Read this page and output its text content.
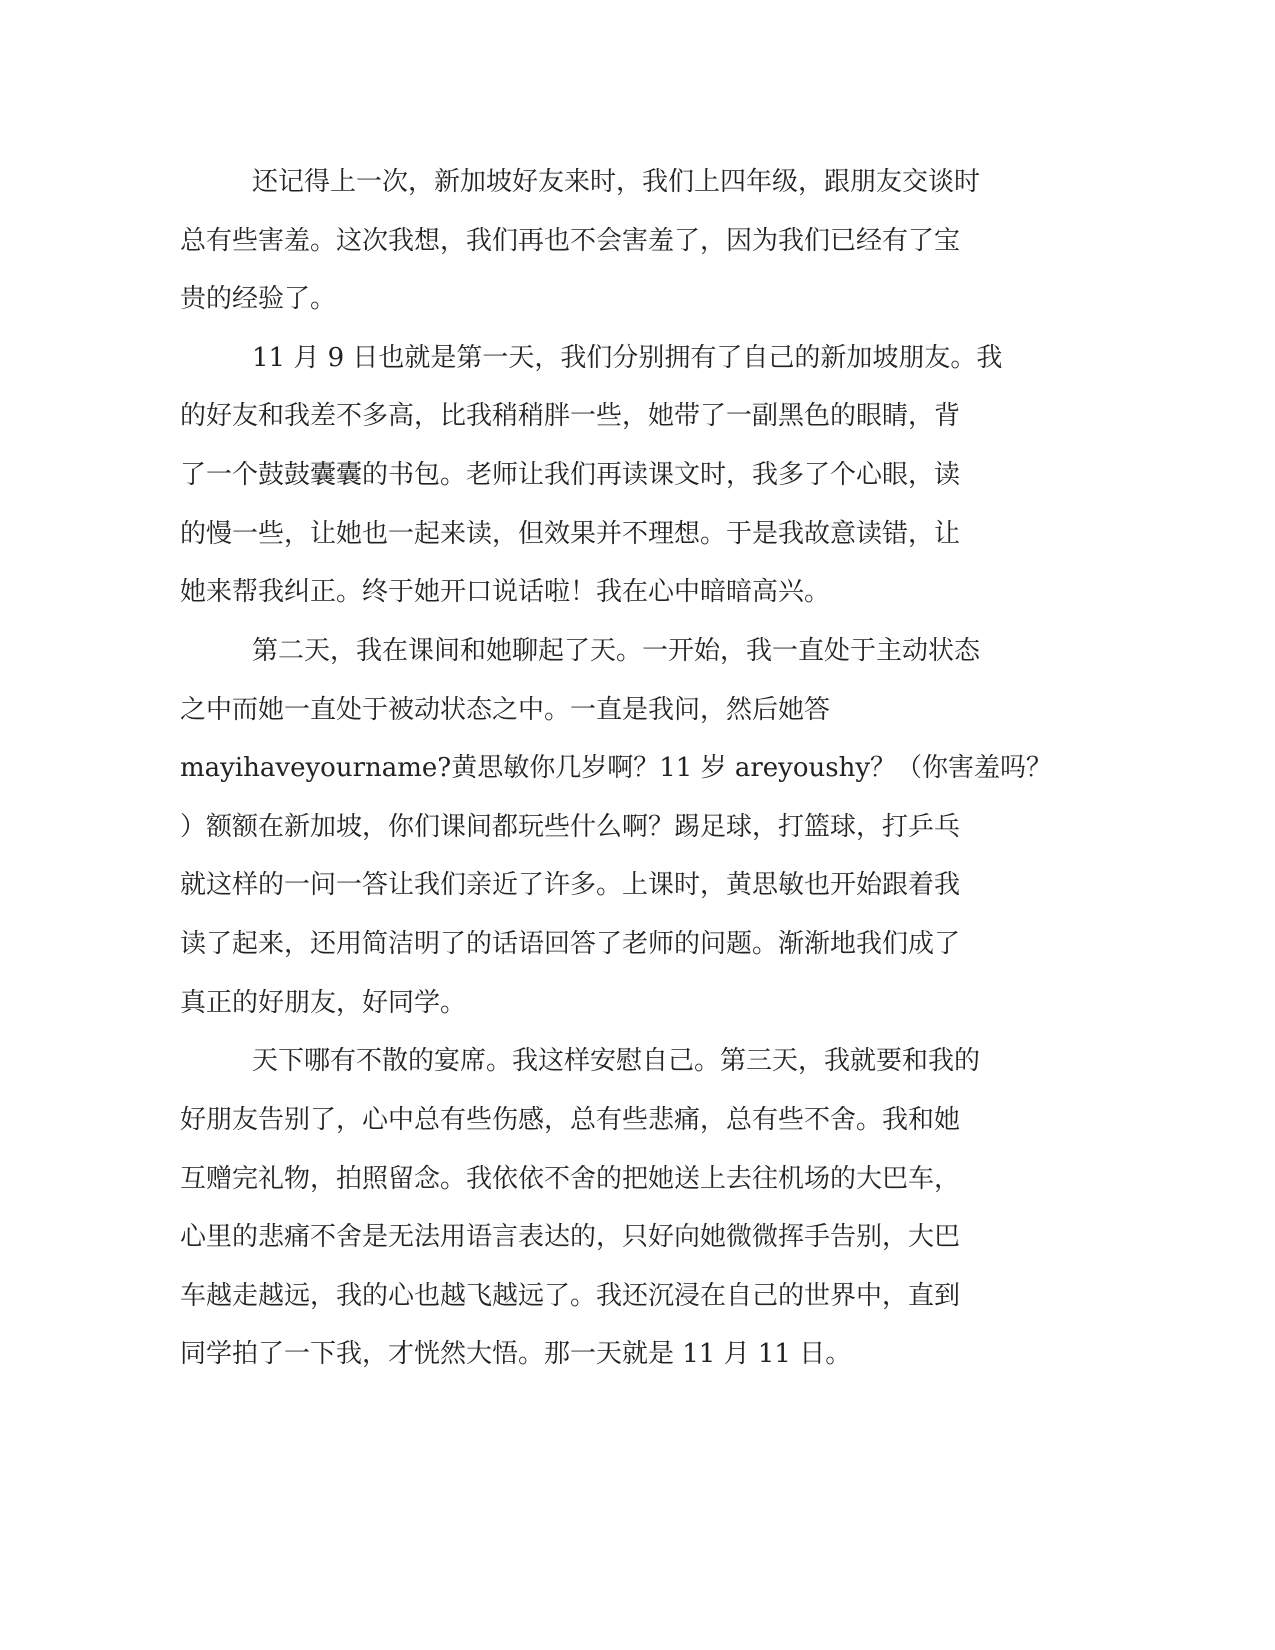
还记得上一次，新加坡好友来时，我们上四年级，跟朋友交谈时
总有些害羞。这次我想，我们再也不会害羞了，因为我们已经有了宝
贵的经验了。
11 月 9 日也就是第一天，我们分别拥有了自己的新加坡朋友。我
的好友和我差不多高，比我稍稍胖一些，她带了一副黑色的眼睛，背
了一个鼓鼓囊囊的书包。老师让我们再读课文时，我多了个心眼，读
的慢一些，让她也一起来读，但效果并不理想。于是我故意读错，让
她来帮我纠正。终于她开口说话啦！我在心中暗暗高兴。
第二天，我在课间和她聊起了天。一开始，我一直处于主动状态
之中而她一直处于被动状态之中。一直是我问，然后她答
mayihaveyourname?黄思敏你几岁啊？11 岁 areyoushy？（你害羞吗？
）额额在新加坡，你们课间都玩些什么啊？踢足球，打篮球，打乒乓
就这样的一问一答让我们亲近了许多。上课时，黄思敏也开始跟着我
读了起来，还用简洁明了的话语回答了老师的问题。渐渐地我们成了
真正的好朋友，好同学。
天下哪有不散的宴席。我这样安慰自己。第三天，我就要和我的
好朋友告别了，心中总有些伤感，总有些悲痛，总有些不舍。我和她
互赠完礼物，拍照留念。我依依不舍的把她送上去往机场的大巴车，
心里的悲痛不舍是无法用语言表达的，只好向她微微挥手告别，大巴
车越走越远，我的心也越飞越远了。我还沉浸在自己的世界中，直到
同学拍了一下我，才恍然大悟。那一天就是 11 月 11 日。
